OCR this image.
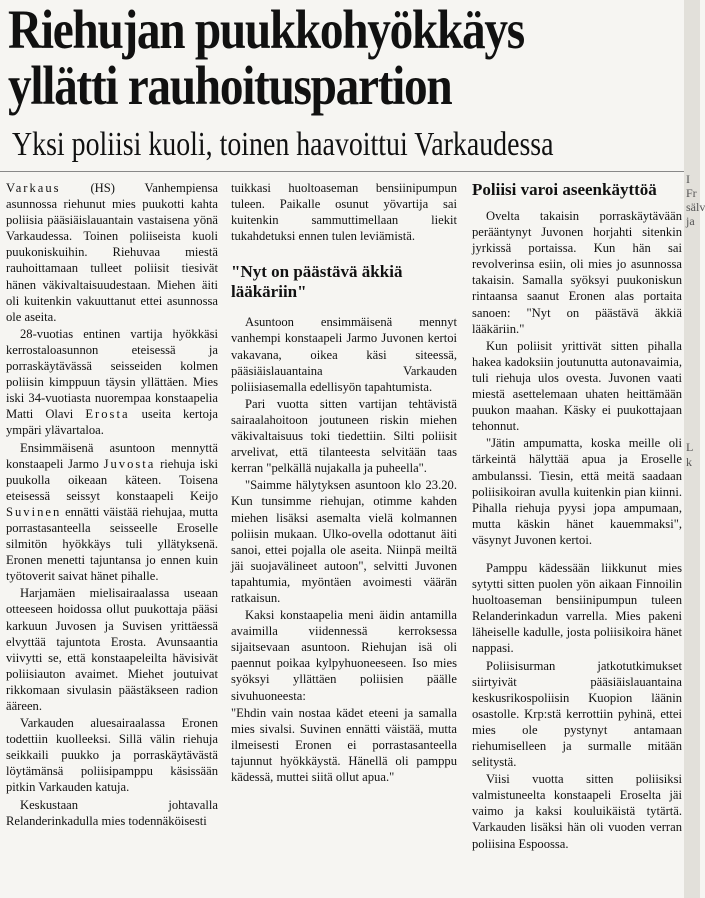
Riehujan puukkohyökkäys
yllätti rauhoituspartion
Yksi poliisi kuoli, toinen haavoittui Varkaudessa

Varkaus (HS) Vanhempiensa asunnossa riehunut mies puukotti kahta poliisia pääsiäislauantain vastaisena yönä Varkaudessa. Toinen poliiseista kuoli puukoniskuihin. Riehuvaa miestä rauhoittamaan tulleet poliisit tiesivät hänen väkivaltaisuudestaan. Miehen äiti oli kuitenkin vakuuttanut ettei asunnossa ole aseita.

28-vuotias entinen vartija hyökkäsi kerrostaloasunnon eteisessä ja porraskäytävässä seisseiden kolmen poliisin kimppuun täysin yllättäen. Mies iski 34-vuotiasta nuorempaa konstaapelia Matti Olavi Erosta useita kertoja ympäri ylävartaloa.

Ensimmäisenä asuntoon mennyttä konstaapeli Jarmo Juvosta riehuja iski puukolla oikeaan käteen. Toisena eteisessä seissyt konstaapeli Keijo Suvinen ennätti väistää riehujaa, mutta porrastasanteella seisseelle Eroselle silmitön hyökkäys tuli yllätyksenä. Eronen menetti tajuntansa jo ennen kuin työtoverit saivat hänet pihalle.

Harjamäen mielisairaalassa useaan otteeseen hoidossa ollut puukottaja pääsi karkuun Juvosen ja Suvisen yrittäessä elvyttää tajuntota Erosta. Avunsaantia viivytti se, että konstaapeleilta hävisivät poliisiauton avaimet. Miehet joutuivat rikkomaan sivulasin päästäkseen radion ääreen.

Varkauden aluesairaalassa Eronen todettiin kuolleeksi. Sillä välin riehuja seikkaili puukko ja porraskäytävästä löytämänsä poliisipamppu käsissään pitkin Varkauden katuja.

Keskustaan johtavalla Relanderinkadulla mies todennäköisesti

tuikkasi huoltoaseman bensiinipumpun tuleen. Paikalle osunut yövartija sai kuitenkin sammuttimellaan liekit tukahdetuksi ennen tulen leviämistä.

"Nyt on päästävä äkkiä lääkäriin"

Asuntoon ensimmäisenä mennyt vanhempi konstaapeli Jarmo Juvonen kertoi vakavana, oikea käsi siteessä, pääsiäislauantaina Varkauden poliisiasemalla edellisyön tapahtumista.

Pari vuotta sitten vartijan tehtävistä sairaalahoitoon joutuneen riskin miehen väkivaltaisuus toki tiedettiin. Silti poliisit arvelivat, että tilanteesta selvitään taas kerran "pelkällä nujakalla ja puheella".

"Saimme hälytyksen asuntoon klo 23.20. Kun tunsimme riehujan, otimme kahden miehen lisäksi asemalta vielä kolmannen poliisin mukaan. Ulko-ovella odottanut äiti sanoi, ettei pojalla ole aseita. Niinpä meiltä jäi suojavälineet autoon", selvitti Juvonen tapahtumia, myöntäen avoimesti väärän ratkaisun.

Kaksi konstaapelia meni äidin antamilla avaimilla viidennessä kerroksessa sijaitsevaan asuntoon. Riehujan isä oli paennut poikaa kylpyhuoneeseen. Iso mies syöksyi yllättäen poliisien päälle sivuhuoneesta:

"Ehdin vain nostaa kädet eteeni ja samalla mies sivalsi. Suvinen ennätti väistää, mutta ilmeisesti Eronen ei porrastasanteella tajunnut hyökkäystä. Hänellä oli pamppu kädessä, muttei siitä ollut apua."

Poliisi varoi aseenkäyttöä

Ovelta takaisin porraskäytävään perääntynyt Juvonen horjahti sitenkin jyrkissä portaissa. Kun hän sai revolverinsa esiin, oli mies jo asunnossa takaisin. Samalla syöksyi puukoniskun rintaansa saanut Eronen alas portaita sanoen: "Nyt on päästävä äkkiä lääkäriin."

Kun poliisit yrittivät sitten pihalla hakea kadoksiin joutunutta autonavaimia, tuli riehuja ulos ovesta. Juvonen vaati miestä asettelemaan uhaten heittämään puukon maahan. Käsky ei puukottajaan tehonnut.

"Jätin ampumatta, koska meille oli tärkeintä hälyttää apua ja Eroselle ambulanssi. Tiesin, että meitä saadaan poliisikoiran avulla kuitenkin pian kiinni. Pihalla riehuja pyysi jopa ampumaan, mutta käskin hänet kauemmaksi", väsynyt Juvonen kertoi.

Pamppu kädessään liikkunut mies sytytti sitten puolen yön aikaan Finnoilin huoltoaseman bensiinipumpun tuleen Relanderinkadun varrella. Mies pakeni läheiselle kadulle, josta poliisikoira hänet nappasi.

Poliisisurman jatkotutkimukset siirtyivät pääsiäislauantaina keskusrikospoliisin Kuopion läänin osastolle. Krp:stä kerrottiin pyhinä, ettei mies ole pystynyt antamaan riehumiselleen ja surmalle mitään selitystä.

Viisi vuotta sitten poliisiksi valmistuneelta konstaapeli Eroselta jäi vaimo ja kaksi kouluikäistä tytärtä. Varkauden lisäksi hän oli vuoden verran poliisina Espoossa.

I
Fr
sälv
ja
L
k
